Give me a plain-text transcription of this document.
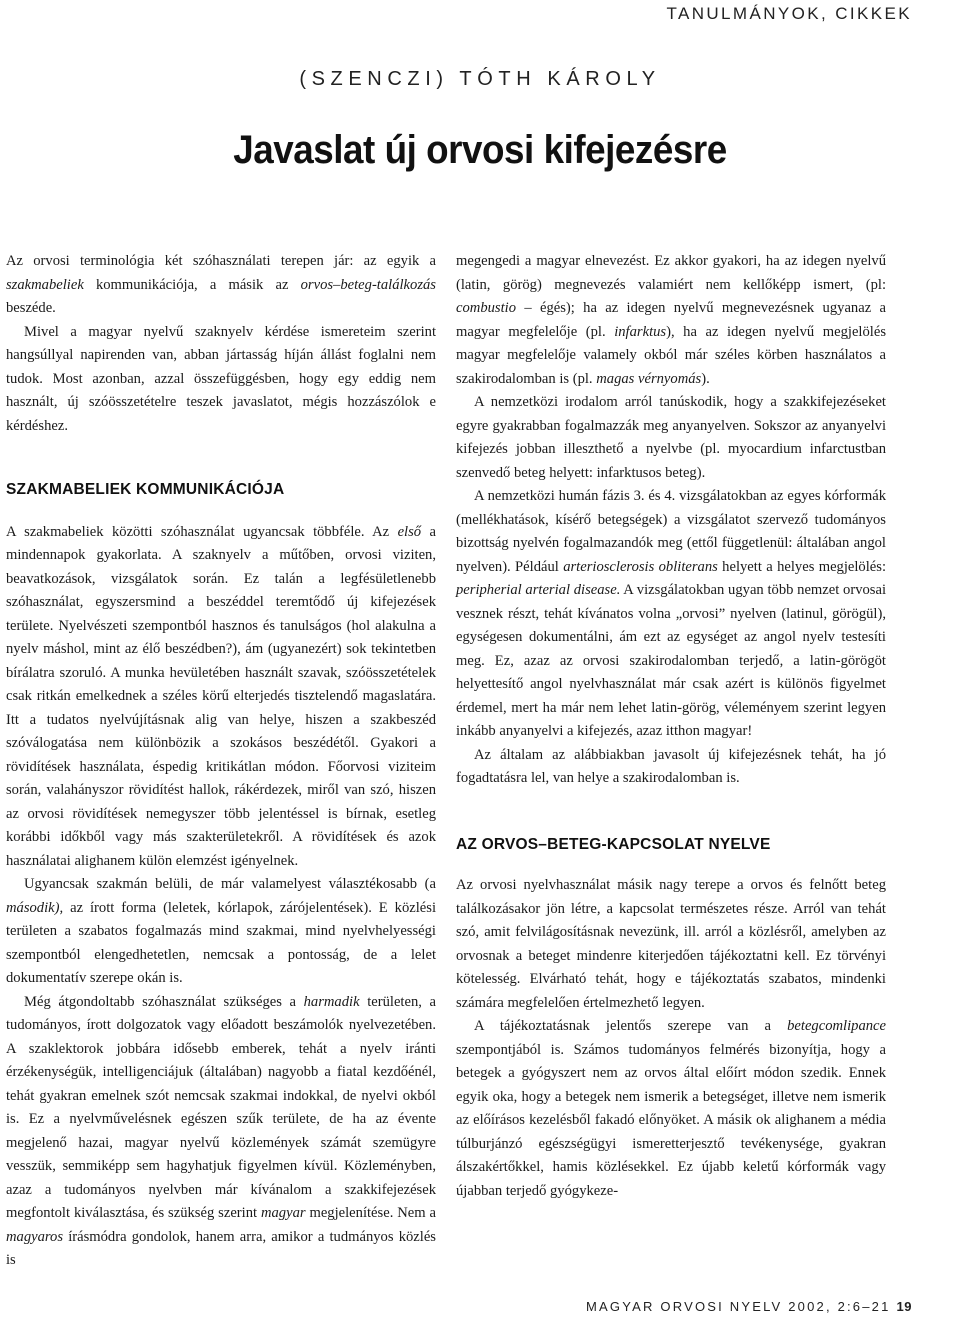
TANULMÁNYOK, CIKKEK

(SZENCZI) TÓTH KÁROLY

Javaslat új orvosi kifejezésre

Az orvosi terminológia két szóhasználati terepen jár: az egyik a szakmabeliek kommunikációja, a másik az orvos–beteg-találkozás beszéde.

Mivel a magyar nyelvű szaknyelv kérdése ismereteim szerint hangsúllyal napirenden van, abban jártasság híján állást foglalni nem tudok. Most azonban, azzal összefüggésben, hogy egy eddig nem használt, új szóösszetételre teszek javaslatot, mégis hozzászólok e kérdéshez.

SZAKMABELIEK KOMMUNIKÁCIÓJA

A szakmabeliek közötti szóhasználat ugyancsak többféle. Az első a mindennapok gyakorlata. A szaknyelv a műtőben, orvosi viziten, beavatkozások, vizsgálatok során. Ez talán a legfésületlenebb szóhasználat, egyszersmind a beszéddel teremtődő új kifejezések területe. Nyelvészeti szempontból hasznos és tanulságos (hol alakulna a nyelv máshol, mint az élő beszédben?), ám (ugyanezért) sok tekintetben bírálatra szoruló. A munka hevületében használt szavak, szóösszetételek csak ritkán emelkednek a széles körű elterjedés tisztelendő magaslatára. Itt a tudatos nyelvújításnak alig van helye, hiszen a szakbeszéd szóválogatása nem különbözik a szokásos beszédétől. Gyakori a rövidítések használata, éspedig kritikátlan módon. Főorvosi viziteim során, valahányszor rövidítést hallok, rákérdezek, miről van szó, hiszen az orvosi rövidítések nemegyszer több jelentéssel is bírnak, esetleg korábbi időkből vagy más szakterületekről. A rövidítések és azok használatai alighanem külön elemzést igényelnek.

Ugyancsak szakmán belüli, de már valamelyest választékosabb (a második), az írott forma (leletek, kórlapok, zárójelentések). E közlési területen a szabatos fogalmazás mind szakmai, mind nyelvhelyességi szempontból elengedhetetlen, nemcsak a pontosság, de a lelet dokumentatív szerepe okán is.

Még átgondoltabb szóhasználat szükséges a harmadik területen, a tudományos, írott dolgozatok vagy előadott beszámolók nyelvezetében. A szaklektorok jobbára idősebb emberek, tehát a nyelv iránti érzékenységük, intelligenciájuk (általában) nagyobb a fiatal kezdőénél, tehát gyakran emelnek szót nemcsak szakmai indokkal, de nyelvi okból is. Ez a nyelvművelésnek egészen szűk területe, de ha az évente megjelenő hazai, magyar nyelvű közlemények számát szemügyre vesszük, semmiképp sem hagyhatjuk figyelmen kívül. Közleményben, azaz a tudományos nyelvben már kívánalom a szakkifejezések megfontolt kiválasztása, és szükség szerint magyar megjelenítése. Nem a magyaros írásmódra gondolok, hanem arra, amikor a tudmányos közlés is

megengedi a magyar elnevezést. Ez akkor gyakori, ha az idegen nyelvű (latin, görög) megnevezés valamiért nem kellőképp ismert, (pl: combustio – égés); ha az idegen nyelvű megnevezésnek ugyanaz a magyar megfelelője (pl. infarktus), ha az idegen nyelvű megjelölés magyar megfelelője valamely okból már széles körben használatos a szakirodalomban is (pl. magas vérnyomás).

A nemzetközi irodalom arról tanúskodik, hogy a szakkifejezéseket egyre gyakrabban fogalmazzák meg anyanyelven. Sokszor az anyanyelvi kifejezés jobban illeszthető a nyelvbe (pl. myocardium infarctustban szenvedő beteg helyett: infarktusos beteg).

A nemzetközi humán fázis 3. és 4. vizsgálatokban az egyes kórformák (mellékhatások, kísérő betegségek) a vizsgálatot szervező tudományos bizottság nyelvén fogalmazandók meg (ettől függetlenül: általában angol nyelven). Például arteriosclerosis obliterans helyett a helyes megjelölés: peripherial arterial disease. A vizsgálatokban ugyan több nemzet orvosai vesznek részt, tehát kívánatos volna „orvosi” nyelven (latinul, görögül), egységesen dokumentálni, ám ezt az egységet az angol nyelv testesíti meg. Ez, azaz az orvosi szakirodalomban terjedő, a latin-görögöt helyettesítő angol nyelvhasználat már csak azért is különös figyelmet érdemel, mert ha már nem lehet latin-görög, véleményem szerint legyen inkább anyanyelvi a kifejezés, azaz itthon magyar!

Az általam az alábbiakban javasolt új kifejezésnek tehát, ha jó fogadtatásra lel, van helye a szakirodalomban is.

AZ ORVOS–BETEG-KAPCSOLAT NYELVE

Az orvosi nyelvhasználat másik nagy terepe a orvos és felnőtt beteg találkozásakor jön létre, a kapcsolat természetes része. Arról van tehát szó, amit felvilágosításnak nevezünk, ill. arról a közlésről, amelyben az orvosnak a beteget mindenre kiterjedően tájékoztatni kell. Ez törvényi kötelesség. Elvárható tehát, hogy e tájékoztatás szabatos, mindenki számára megfelelően értelmezhető legyen.

A tájékoztatásnak jelentős szerepe van a betegcomlipance szempontjából is. Számos tudományos felmérés bizonyítja, hogy a betegek a gyógyszert nem az orvos által előírt módon szedik. Ennek egyik oka, hogy a betegek nem ismerik a betegséget, illetve nem ismerik az előírásos kezelésből fakadó előnyöket. A másik ok alighanem a média túlburjánzó egészségügyi ismeretterjesztő tevékenysége, gyakran álszakértőkkel, hamis közlésekkel. Ez újabb keletű kórformák vagy újabban terjedő gyógykeze-

MAGYAR ORVOSI NYELV 2002, 2:6–21 19
